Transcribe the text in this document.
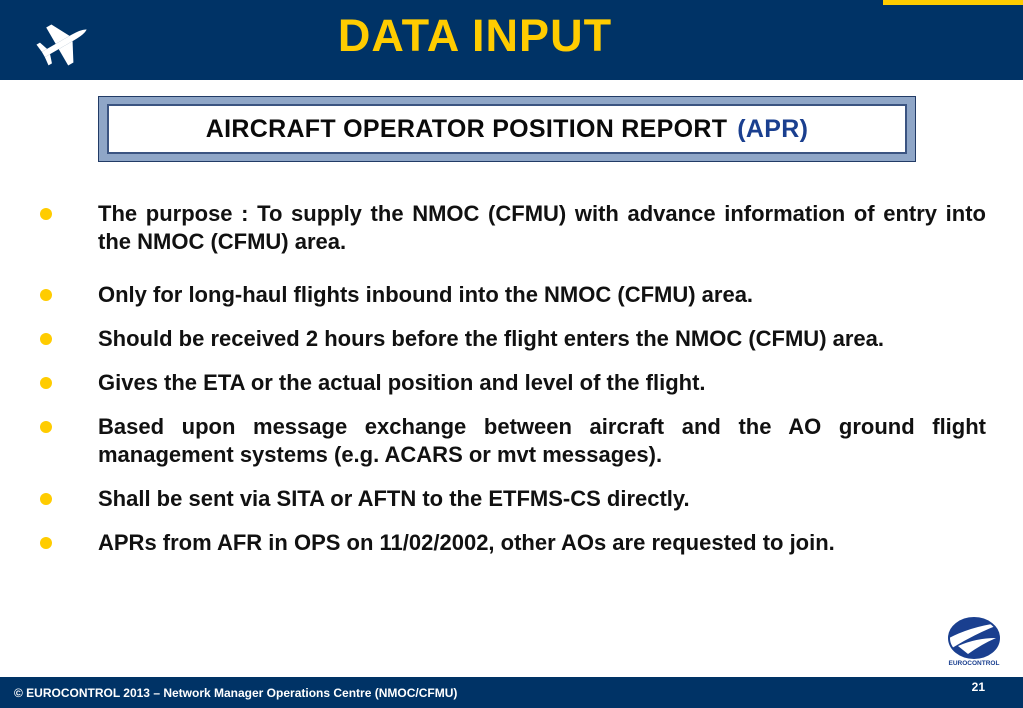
DATA INPUT
AIRCRAFT OPERATOR POSITION REPORT (APR)
The purpose : To supply the NMOC (CFMU) with advance information of entry into the NMOC (CFMU) area.
Only for long-haul flights inbound into the NMOC (CFMU) area.
Should be received 2 hours before the flight enters the NMOC (CFMU) area.
Gives the ETA or the actual position and level of the flight.
Based upon message exchange between aircraft and the AO ground flight management systems (e.g. ACARS or mvt messages).
Shall be sent via SITA or AFTN to the ETFMS-CS directly.
APRs from AFR in OPS on 11/02/2002, other AOs are requested to join.
EUROCONTROL
© EUROCONTROL 2013 – Network Manager Operations Centre (NMOC/CFMU)	21
